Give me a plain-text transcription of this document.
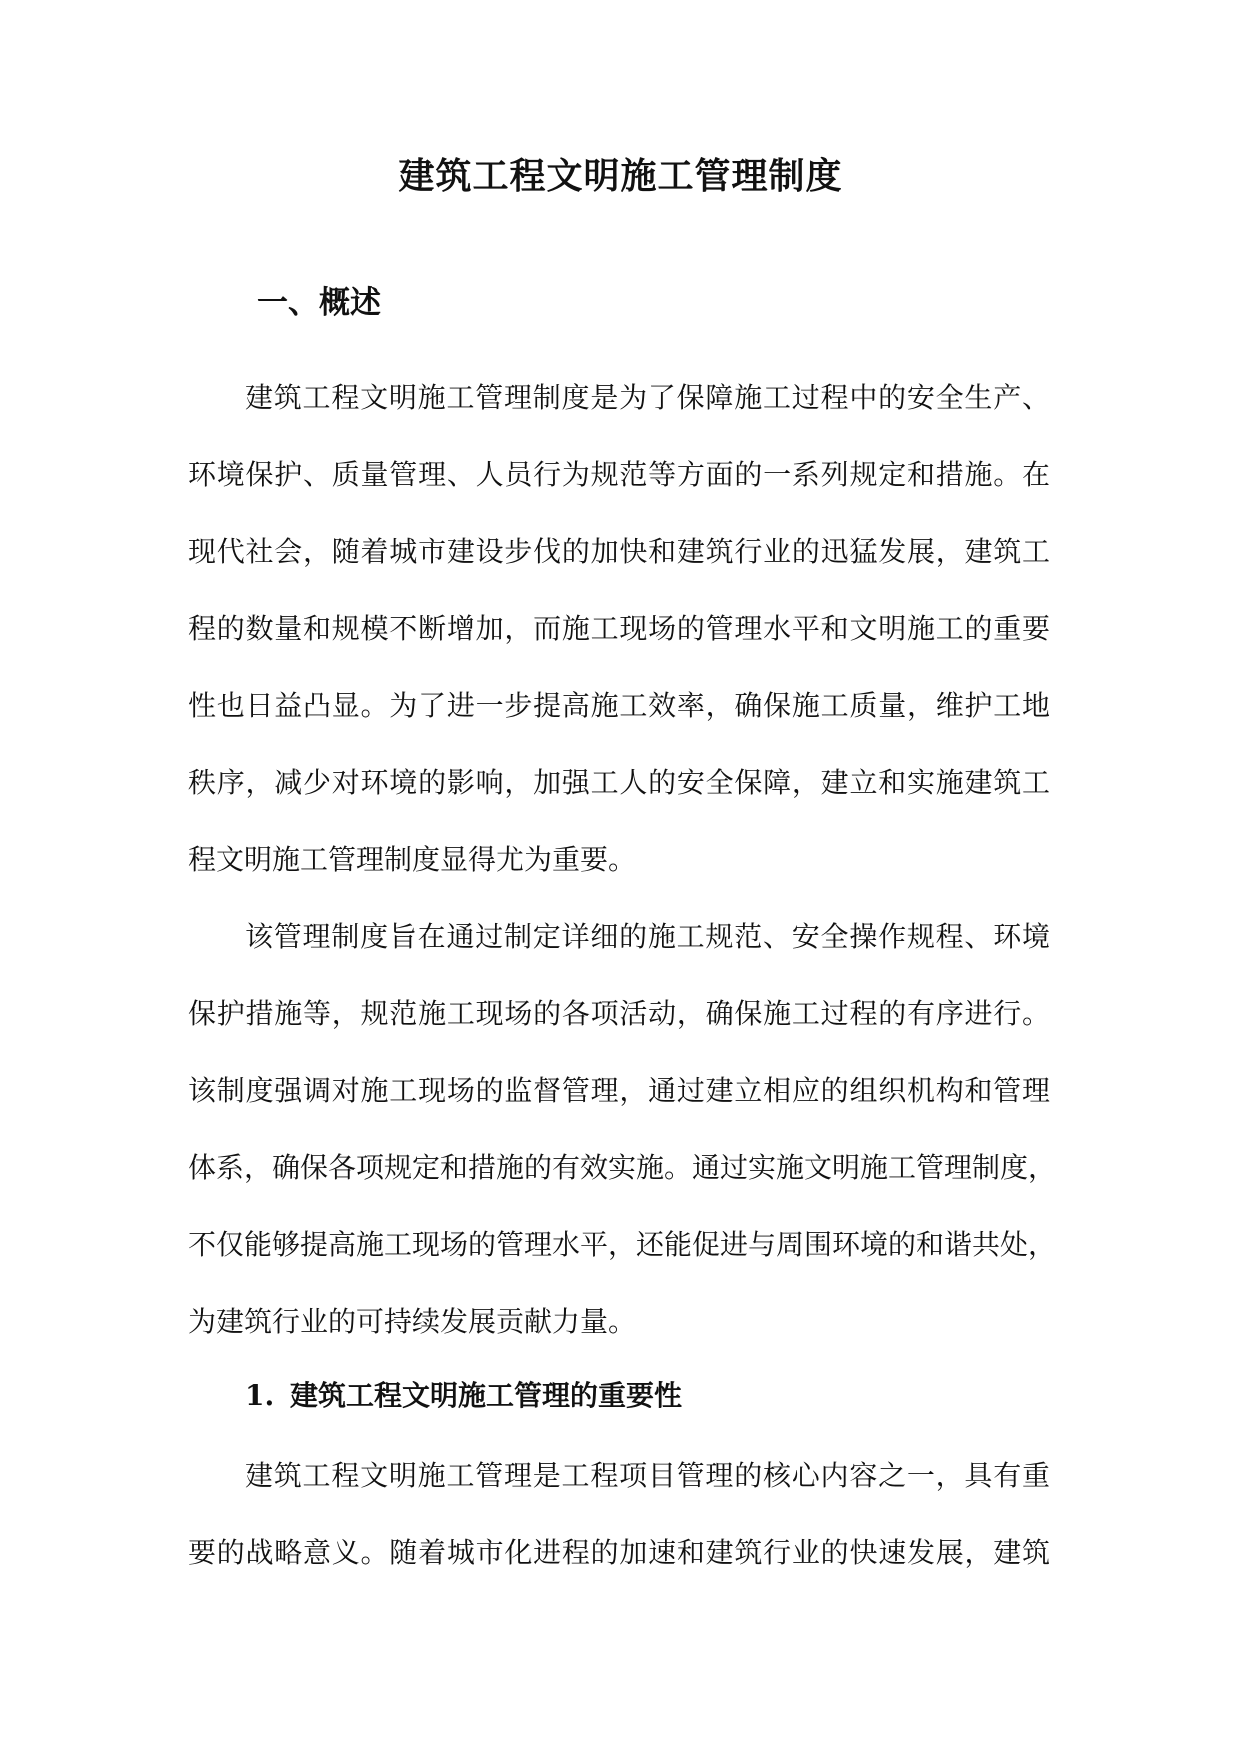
建筑工程文明施工管理制度
一、概述

建筑工程文明施工管理制度是为了保障施工过程中的安全生产、
环境保护、质量管理、人员行为规范等方面的一系列规定和措施。在
现代社会，随着城市建设步伐的加快和建筑行业的迅猛发展，建筑工
程的数量和规模不断增加，而施工现场的管理水平和文明施工的重要
性也日益凸显。为了进一步提高施工效率，确保施工质量，维护工地
秩序，减少对环境的影响，加强工人的安全保障，建立和实施建筑工
程文明施工管理制度显得尤为重要。

该管理制度旨在通过制定详细的施工规范、安全操作规程、环境
保护措施等，规范施工现场的各项活动，确保施工过程的有序进行。
该制度强调对施工现场的监督管理，通过建立相应的组织机构和管理
体系，确保各项规定和措施的有效实施。通过实施文明施工管理制度，
不仅能够提高施工现场的管理水平，还能促进与周围环境的和谐共处，
为建筑行业的可持续发展贡献力量。

1. 建筑工程文明施工管理的重要性

建筑工程文明施工管理是工程项目管理的核心内容之一，具有重
要的战略意义。随着城市化进程的加速和建筑行业的快速发展，建筑
